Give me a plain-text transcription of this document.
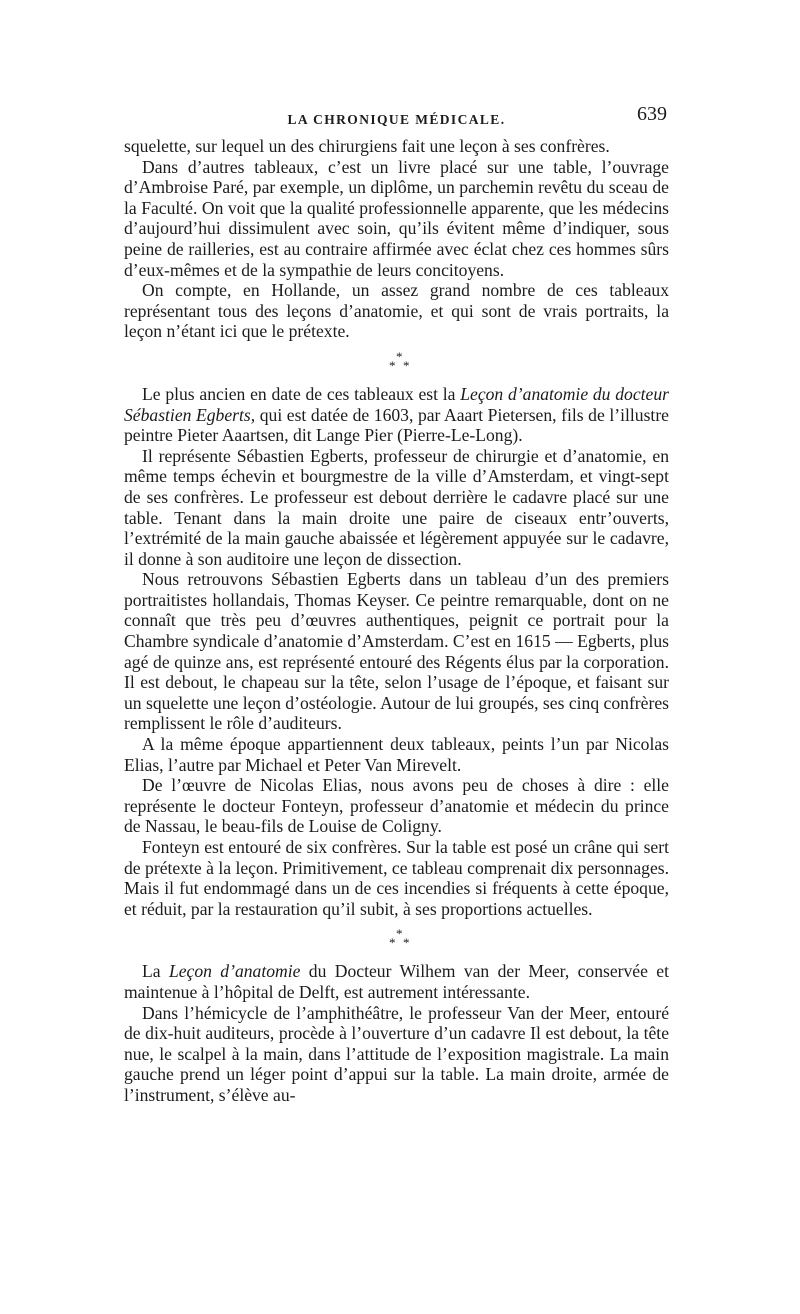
LA CHRONIQUE MÉDICALE.	639

squelette, sur lequel un des chirurgiens fait une leçon à ses confrères.

Dans d’autres tableaux, c’est un livre placé sur une table, l’ouvrage d’Ambroise Paré, par exemple, un diplôme, un parchemin revêtu du sceau de la Faculté. On voit que la qualité professionnelle apparente, que les médecins d’aujourd’hui dissimulent avec soin, qu’ils évitent même d’indiquer, sous peine de railleries, est au contraire affirmée avec éclat chez ces hommes sûrs d’eux-mêmes et de la sympathie de leurs concitoyens.

On compte, en Hollande, un assez grand nombre de ces tableaux représentant tous des leçons d’anatomie, et qui sont de vrais portraits, la leçon n’étant ici que le prétexte.

*
* *

Le plus ancien en date de ces tableaux est la Leçon d’anatomie du docteur Sébastien Egberts, qui est datée de 1603, par Aaart Pietersen, fils de l’illustre peintre Pieter Aaartsen, dit Lange Pier (Pierre-Le-Long).

Il représente Sébastien Egberts, professeur de chirurgie et d’anatomie, en même temps échevin et bourgmestre de la ville d’Amsterdam, et vingt-sept de ses confrères. Le professeur est debout derrière le cadavre placé sur une table. Tenant dans la main droite une paire de ciseaux entr’ouverts, l’extrémité de la main gauche abaissée et légèrement appuyée sur le cadavre, il donne à son auditoire une leçon de dissection.

Nous retrouvons Sébastien Egberts dans un tableau d’un des premiers portraitistes hollandais, Thomas Keyser. Ce peintre remarquable, dont on ne connaît que très peu d’œuvres authentiques, peignit ce portrait pour la Chambre syndicale d’anatomie d’Amsterdam. C’est en 1615 — Egberts, plus agé de quinze ans, est représenté entouré des Régents élus par la corporation. Il est debout, le chapeau sur la tête, selon l’usage de l’époque, et faisant sur un squelette une leçon d’ostéologie. Autour de lui groupés, ses cinq confrères remplissent le rôle d’auditeurs.

A la même époque appartiennent deux tableaux, peints l’un par Nicolas Elias, l’autre par Michael et Peter Van Mirevelt.

De l’œuvre de Nicolas Elias, nous avons peu de choses à dire : elle représente le docteur Fonteyn, professeur d’anatomie et médecin du prince de Nassau, le beau-fils de Louise de Coligny.

Fonteyn est entouré de six confrères. Sur la table est posé un crâne qui sert de prétexte à la leçon. Primitivement, ce tableau comprenait dix personnages. Mais il fut endommagé dans un de ces incendies si fréquents à cette époque, et réduit, par la restauration qu’il subit, à ses proportions actuelles.

*
* *

La Leçon d’anatomie du Docteur Wilhem van der Meer, conservée et maintenue à l’hôpital de Delft, est autrement intéressante.

Dans l’hémicycle de l’amphithéâtre, le professeur Van der Meer, entouré de dix-huit auditeurs, procède à l’ouverture d’un cadavre Il est debout, la tête nue, le scalpel à la main, dans l’attitude de l’exposition magistrale. La main gauche prend un léger point d’appui sur la table. La main droite, armée de l’instrument, s’élève au-
